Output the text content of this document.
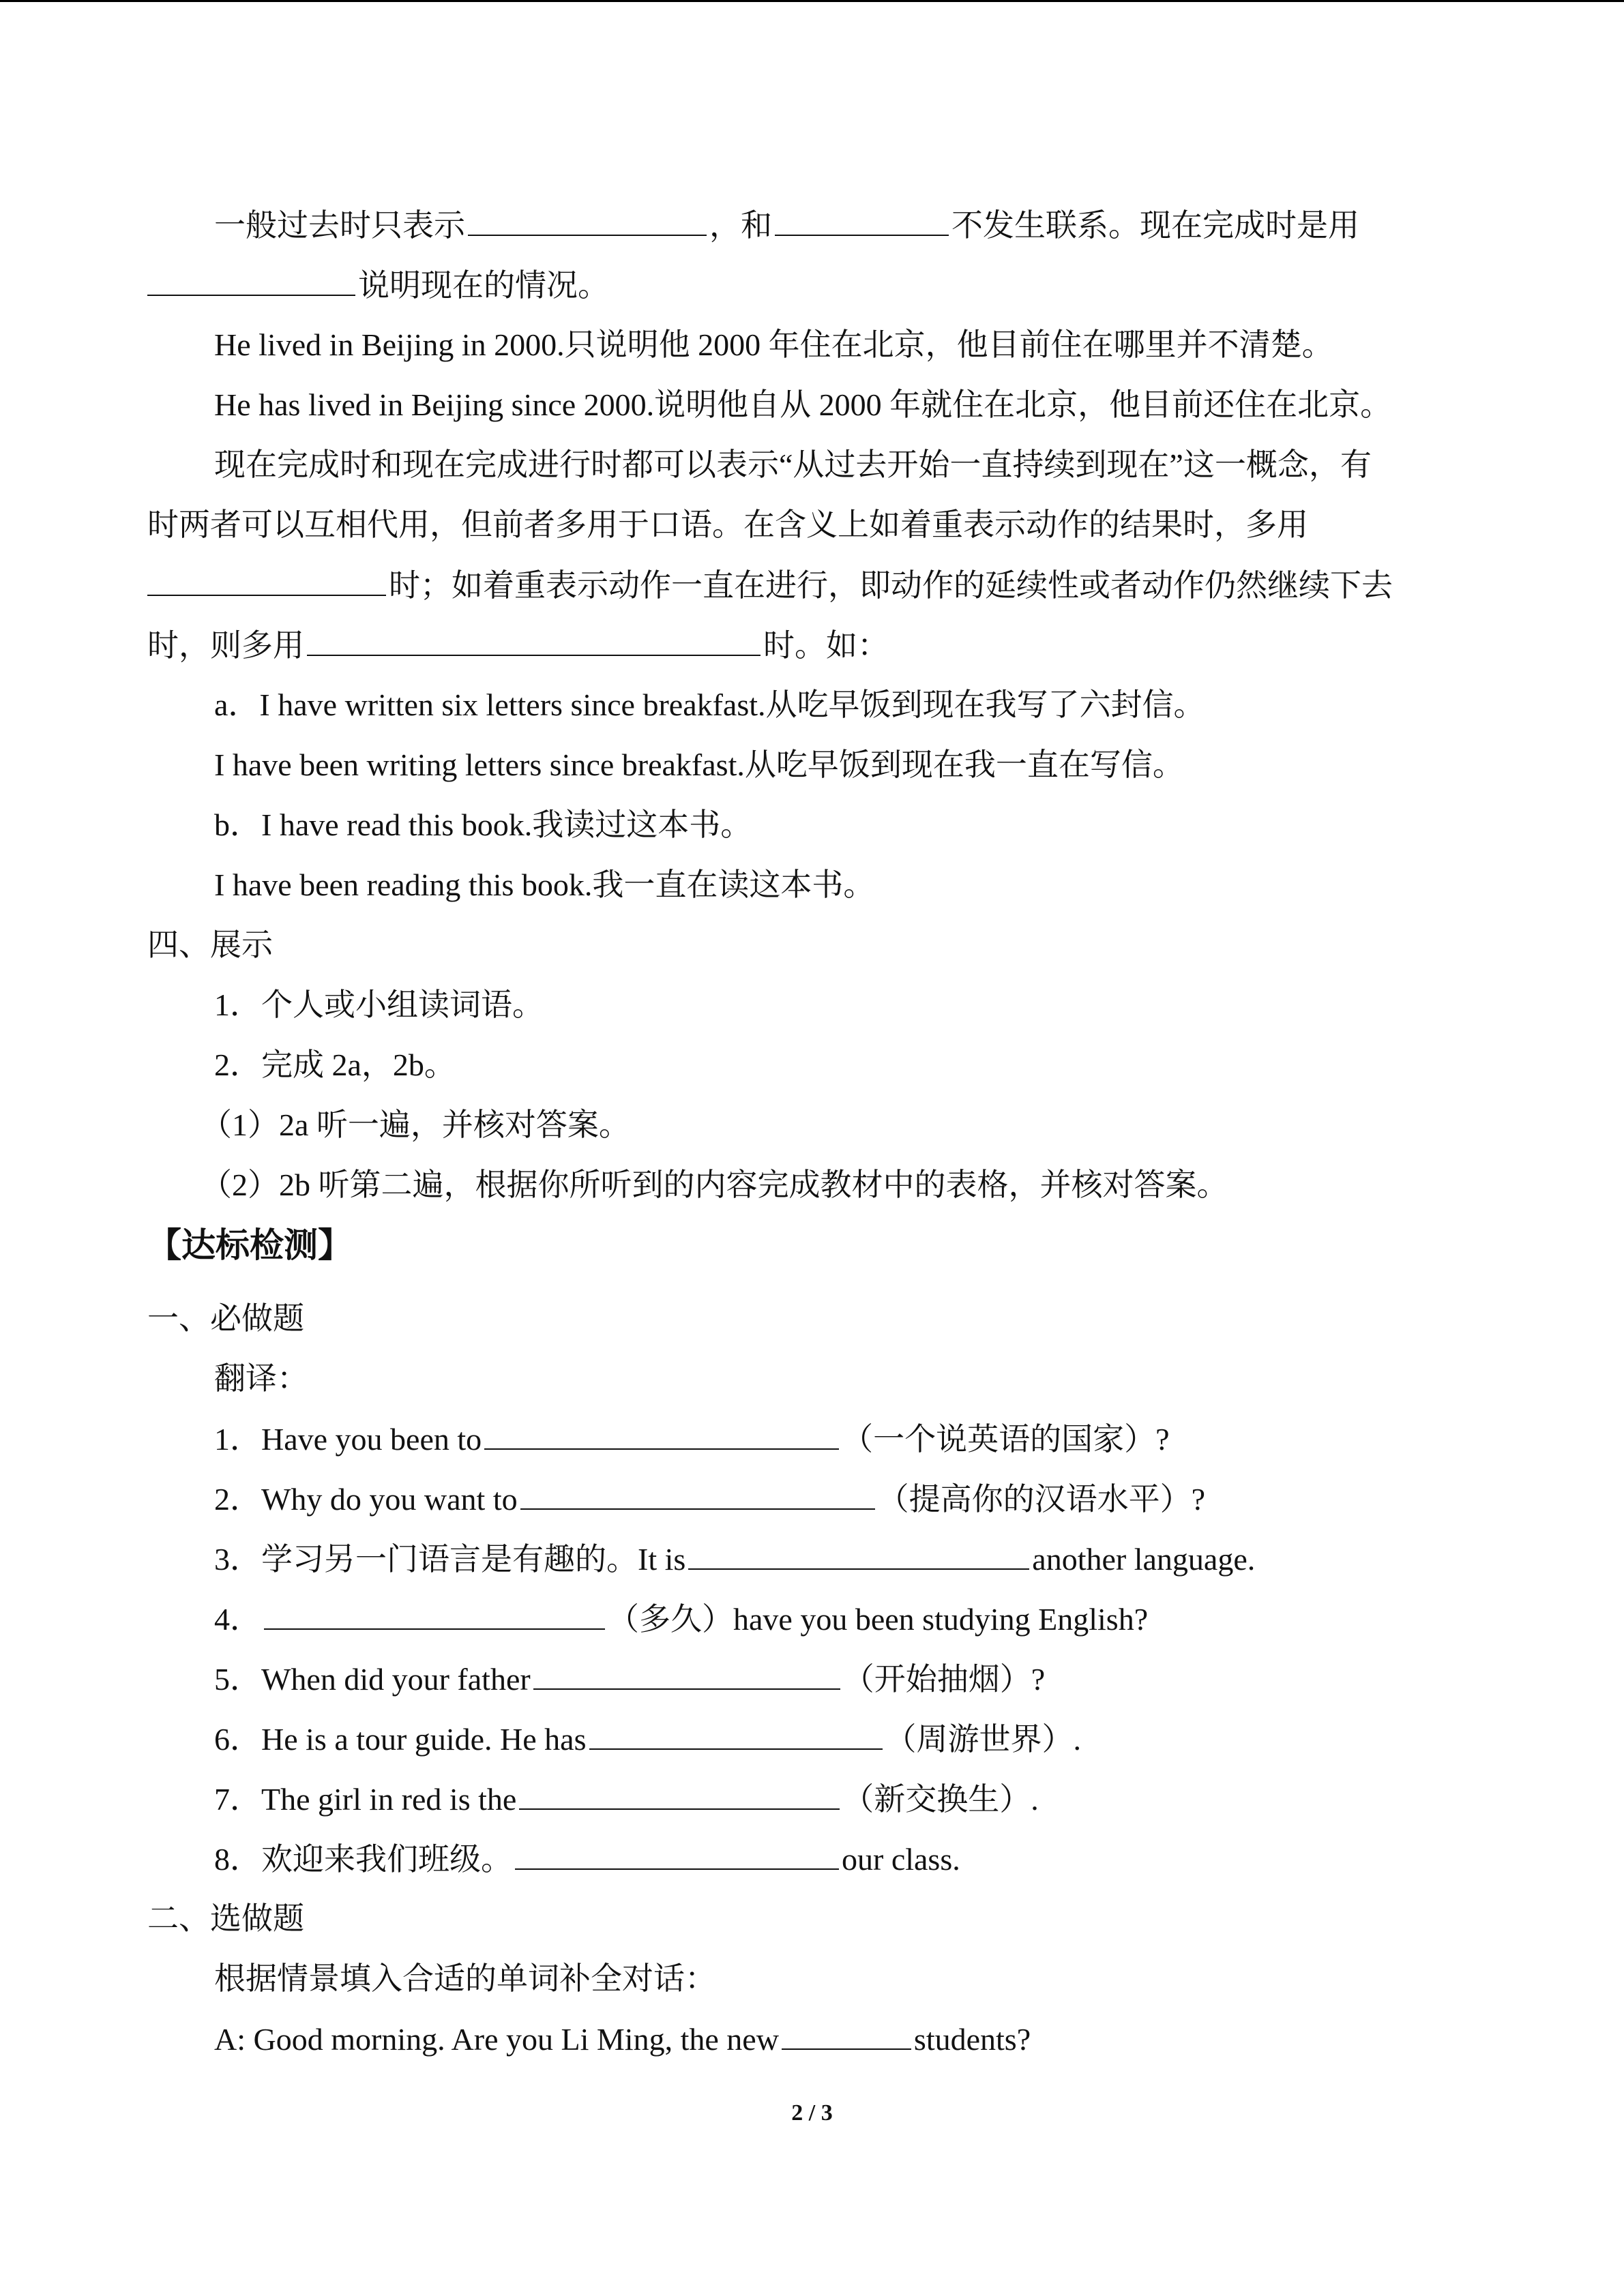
一般过去时只表示	，和	不发生联系。现在完成时是用
说明现在的情况。
He lived in Beijing in 2000.只说明他 2000 年住在北京，他目前住在哪里并不清楚。
He has lived in Beijing since 2000.说明他自从 2000 年就住在北京，他目前还住在北京。
现在完成时和现在完成进行时都可以表示“从过去开始一直持续到现在”这一概念，有
时两者可以互相代用，但前者多用于口语。在含义上如着重表示动作的结果时，多用
时；如着重表示动作一直在进行，即动作的延续性或者动作仍然继续下去
时，则多用	时。如：
a．I have written six letters since breakfast.从吃早饭到现在我写了六封信。
I have been writing letters since breakfast.从吃早饭到现在我一直在写信。
b．I have read this book.我读过这本书。
I have been reading this book.我一直在读这本书。
四、展示
1．个人或小组读词语。
2．完成 2a，2b。
（1）2a 听一遍，并核对答案。
（2）2b 听第二遍，根据你所听到的内容完成教材中的表格，并核对答案。
【达标检测】
一、必做题
翻译：
1．Have you been to	（一个说英语的国家）?
2．Why do you want to	（提高你的汉语水平）?
3．学习另一门语言是有趣的。It is	another language.
4．	（多久）have you been studying English?
5．When did your father	（开始抽烟）?
6．He is a tour guide. He has	（周游世界）.
7．The girl in red is the	（新交换生）.
8．欢迎来我们班级。	our class.
二、选做题
根据情景填入合适的单词补全对话：
A: Good morning. Are you Li Ming, the new	students?
2 / 3
